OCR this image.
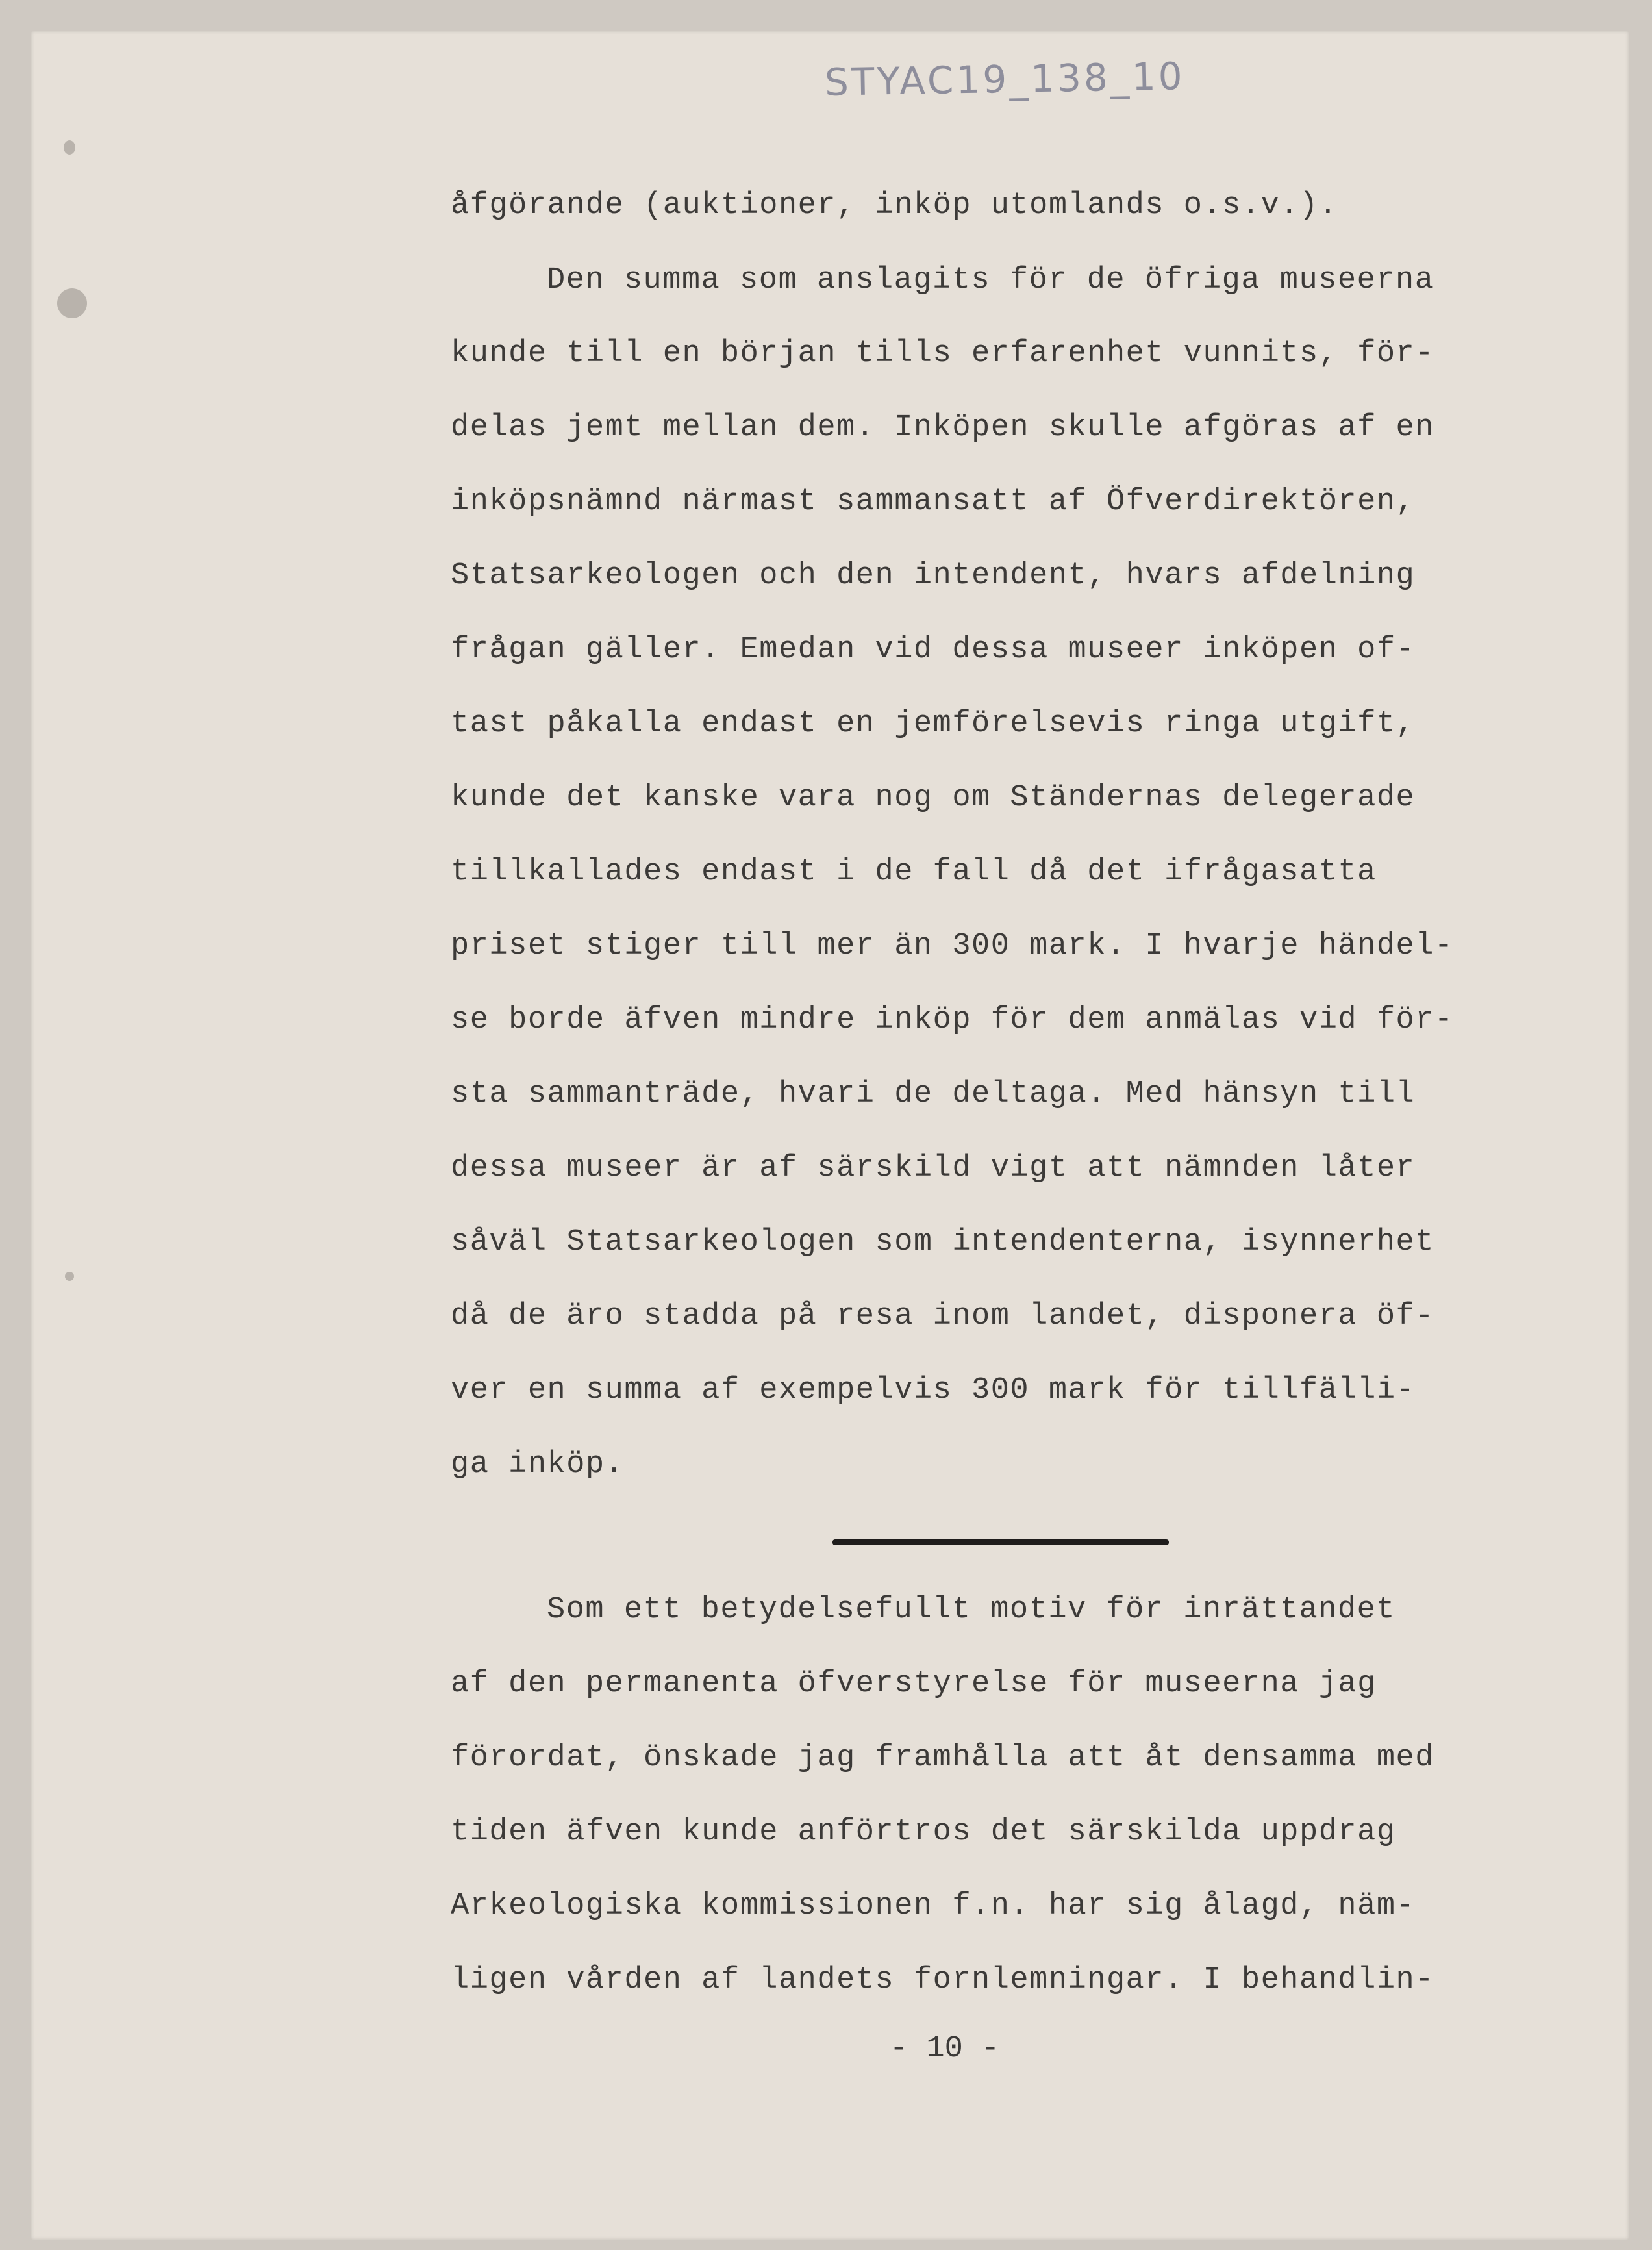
STYAC19_138_10
åfgörande (auktioner, inköp utomlands o.s.v.).
Den summa som anslagits för de öfriga museerna
kunde till en början tills erfarenhet vunnits, för-
delas jemt mellan dem. Inköpen skulle afgöras af en
inköpsnämnd närmast sammansatt af Öfverdirektören,
Statsarkeologen och den intendent, hvars afdelning
frågan gäller. Emedan vid dessa museer inköpen of-
tast påkalla endast en jemförelsevis ringa utgift,
kunde det kanske vara nog om Ständernas delegerade
tillkallades endast i de fall då det ifrågasatta
priset stiger till mer än 300 mark. I hvarje händel-
se borde äfven mindre inköp för dem anmälas vid för-
sta sammanträde, hvari de deltaga. Med hänsyn till
dessa museer är af särskild vigt att nämnden låter
såväl Statsarkeologen som intendenterna, isynnerhet
då de äro stadda på resa inom landet, disponera öf-
ver en summa af exempelvis 300 mark för tillfälli-
ga inköp.
Som ett betydelsefullt motiv för inrättandet
af den permanenta öfverstyrelse för museerna jag
förordat, önskade jag framhålla att åt densamma med
tiden äfven kunde anförtros det särskilda uppdrag
Arkeologiska kommissionen f.n. har sig ålagd, näm-
ligen vården af landets fornlemningar. I behandlin-
- 10 -
